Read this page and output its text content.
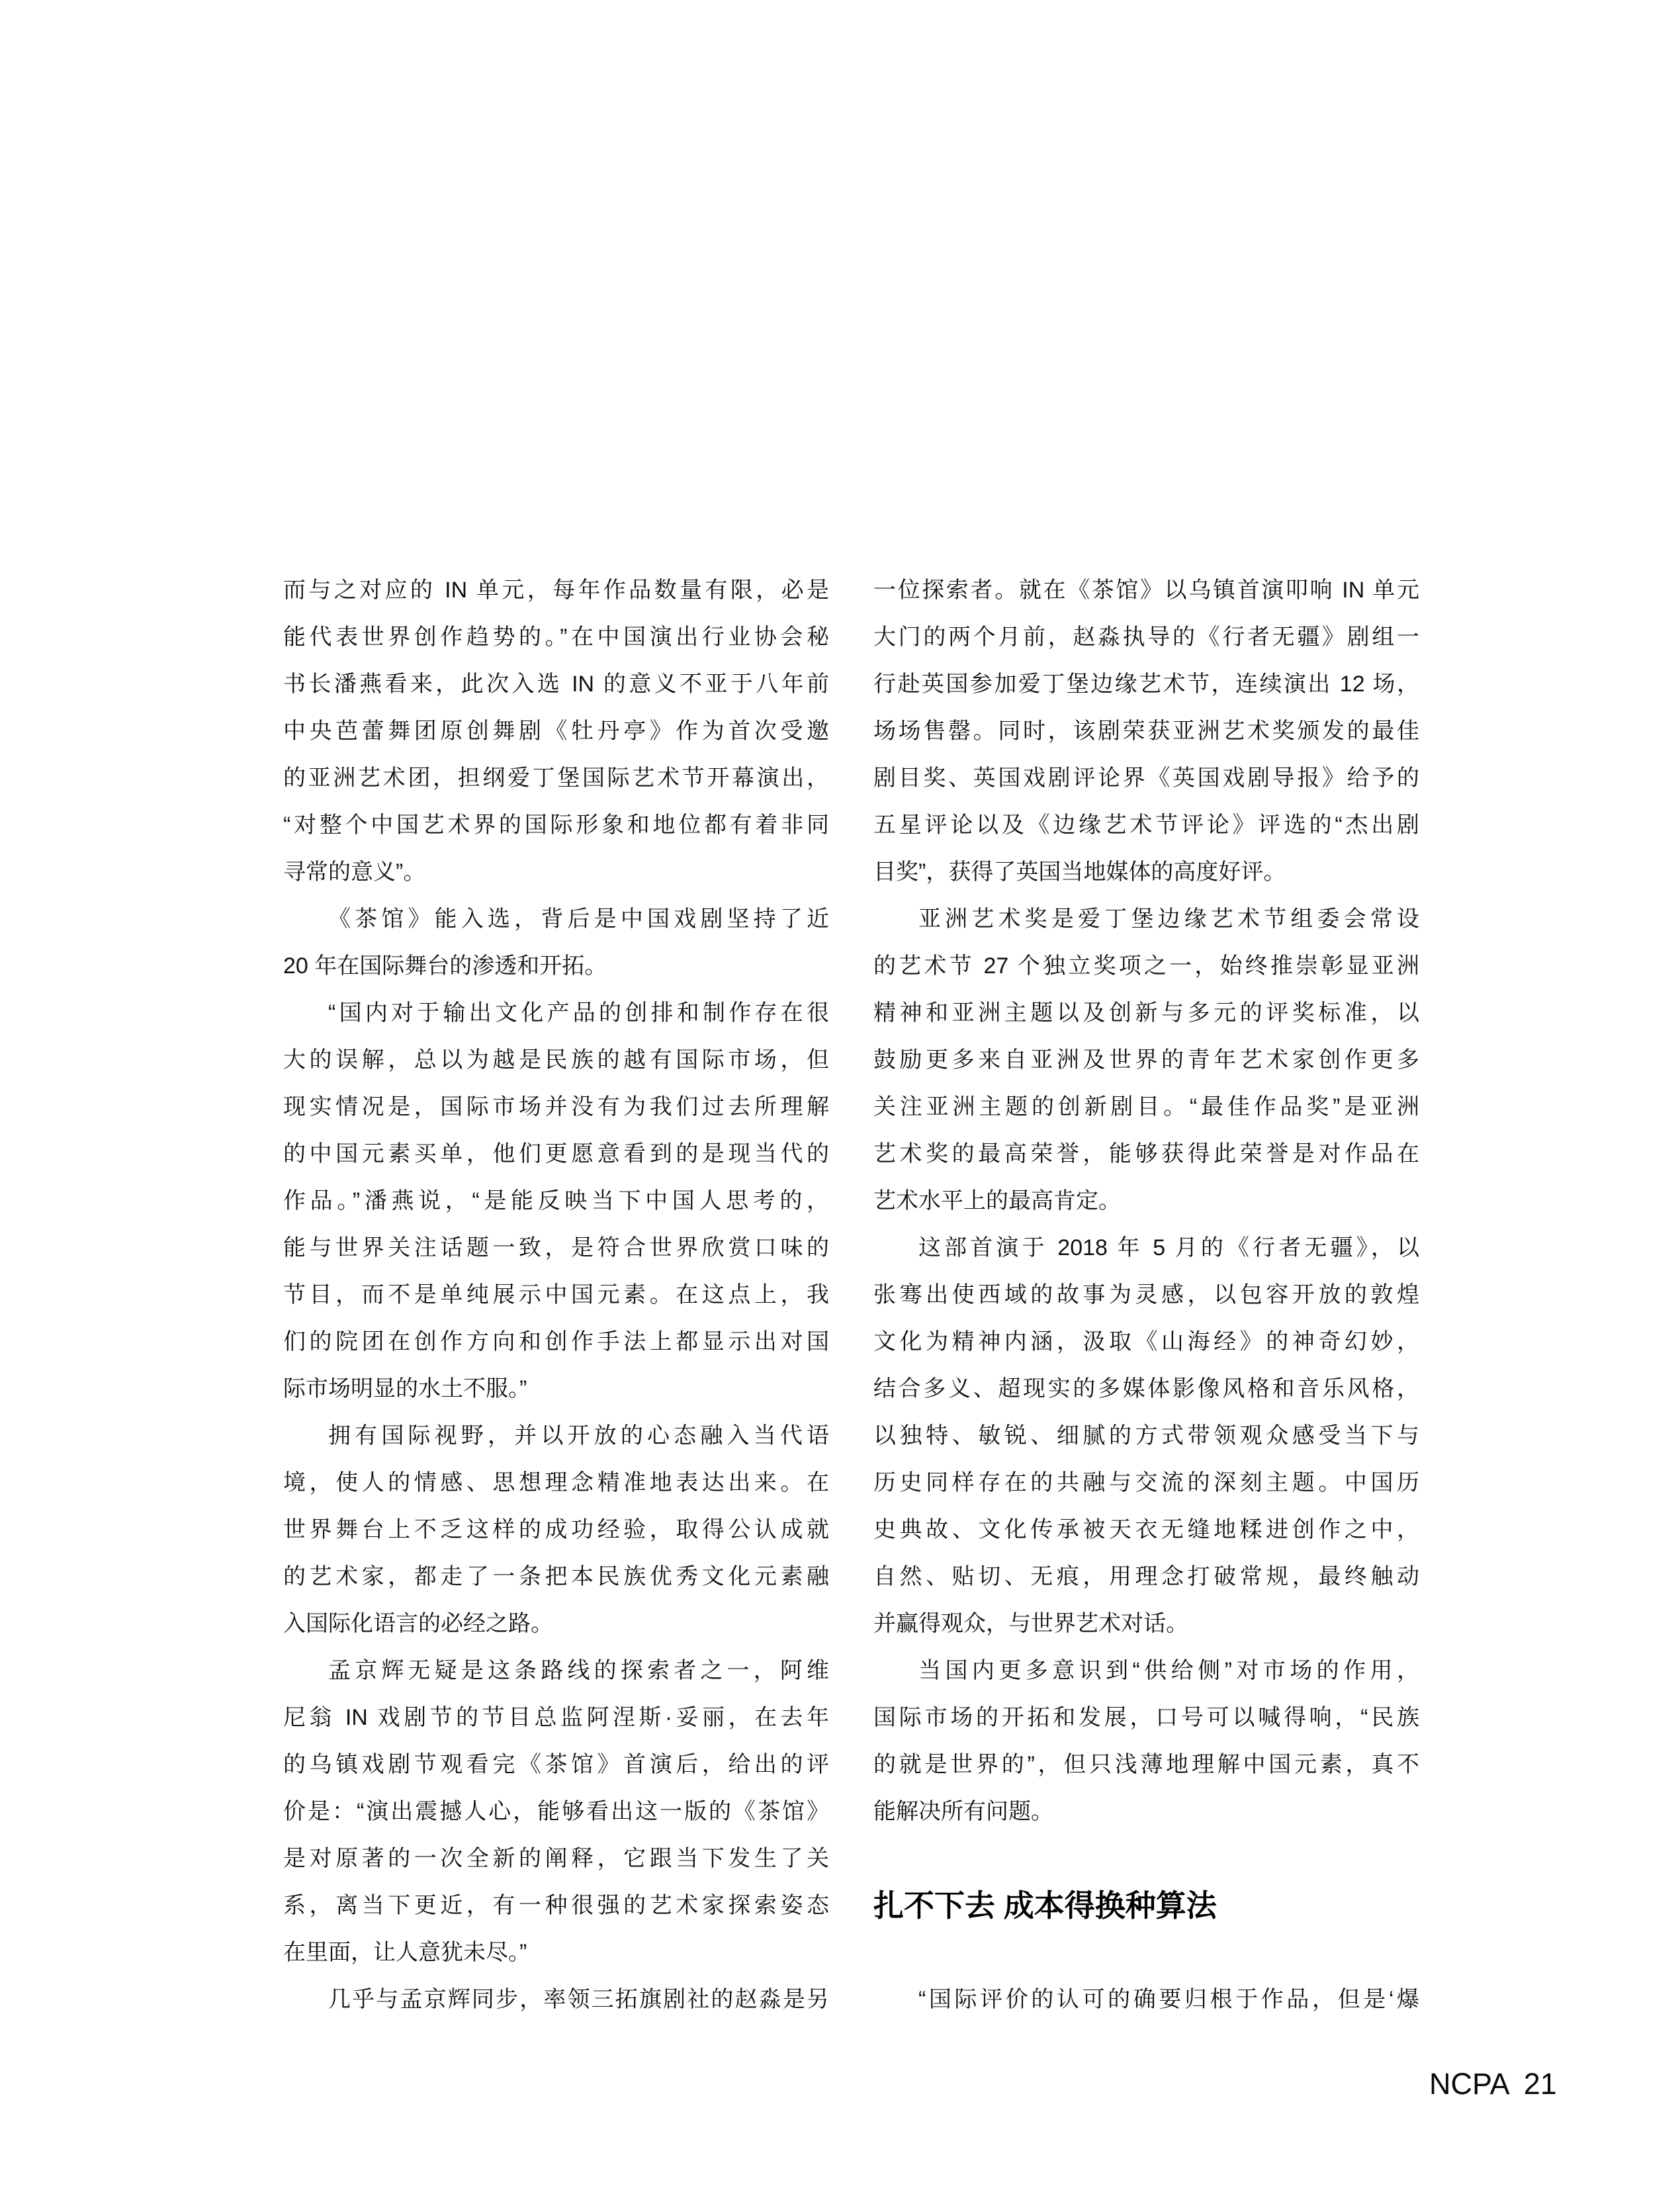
而与之对应的 IN 单元，每年作品数量有限，必是
能代表世界创作趋势的。”在中国演出行业协会秘
书长潘燕看来，此次入选 IN 的意义不亚于八年前
中央芭蕾舞团原创舞剧《牡丹亭》作为首次受邀
的亚洲艺术团，担纲爱丁堡国际艺术节开幕演出，
“对整个中国艺术界的国际形象和地位都有着非同
寻常的意义”。
《茶馆》能入选，背后是中国戏剧坚持了近
20 年在国际舞台的渗透和开拓。
“国内对于输出文化产品的创排和制作存在很
大的误解，总以为越是民族的越有国际市场，但
现实情况是，国际市场并没有为我们过去所理解
的中国元素买单，他们更愿意看到的是现当代的
作品。”潘燕说，“是能反映当下中国人思考的，
能与世界关注话题一致，是符合世界欣赏口味的
节目，而不是单纯展示中国元素。在这点上，我
们的院团在创作方向和创作手法上都显示出对国
际市场明显的水土不服。”
拥有国际视野，并以开放的心态融入当代语
境，使人的情感、思想理念精准地表达出来。在
世界舞台上不乏这样的成功经验，取得公认成就
的艺术家，都走了一条把本民族优秀文化元素融
入国际化语言的必经之路。
孟京辉无疑是这条路线的探索者之一，阿维
尼翁 IN 戏剧节的节目总监阿涅斯·妥丽，在去年
的乌镇戏剧节观看完《茶馆》首演后，给出的评
价是：“演出震撼人心，能够看出这一版的《茶馆》
是对原著的一次全新的阐释，它跟当下发生了关
系，离当下更近，有一种很强的艺术家探索姿态
在里面，让人意犹未尽。”
几乎与孟京辉同步，率领三拓旗剧社的赵淼是另
一位探索者。就在《茶馆》以乌镇首演叩响 IN 单元
大门的两个月前，赵淼执导的《行者无疆》剧组一
行赴英国参加爱丁堡边缘艺术节，连续演出 12 场，
场场售罄。同时，该剧荣获亚洲艺术奖颁发的最佳
剧目奖、英国戏剧评论界《英国戏剧导报》给予的
五星评论以及《边缘艺术节评论》评选的“杰出剧
目奖”，获得了英国当地媒体的高度好评。
亚洲艺术奖是爱丁堡边缘艺术节组委会常设
的艺术节 27 个独立奖项之一，始终推崇彰显亚洲
精神和亚洲主题以及创新与多元的评奖标准，以
鼓励更多来自亚洲及世界的青年艺术家创作更多
关注亚洲主题的创新剧目。“最佳作品奖”是亚洲
艺术奖的最高荣誉，能够获得此荣誉是对作品在
艺术水平上的最高肯定。
这部首演于 2018 年 5 月的《行者无疆》，以
张骞出使西域的故事为灵感，以包容开放的敦煌
文化为精神内涵，汲取《山海经》的神奇幻妙，
结合多义、超现实的多媒体影像风格和音乐风格，
以独特、敏锐、细腻的方式带领观众感受当下与
历史同样存在的共融与交流的深刻主题。中国历
史典故、文化传承被天衣无缝地糅进创作之中，
自然、贴切、无痕，用理念打破常规，最终触动
并赢得观众，与世界艺术对话。
当国内更多意识到“供给侧”对市场的作用，
国际市场的开拓和发展，口号可以喊得响，“民族
的就是世界的”，但只浅薄地理解中国元素，真不
能解决所有问题。
扎不下去 成本得换种算法
“国际评价的认可的确要归根于作品，但是‘爆
NCPA 21
